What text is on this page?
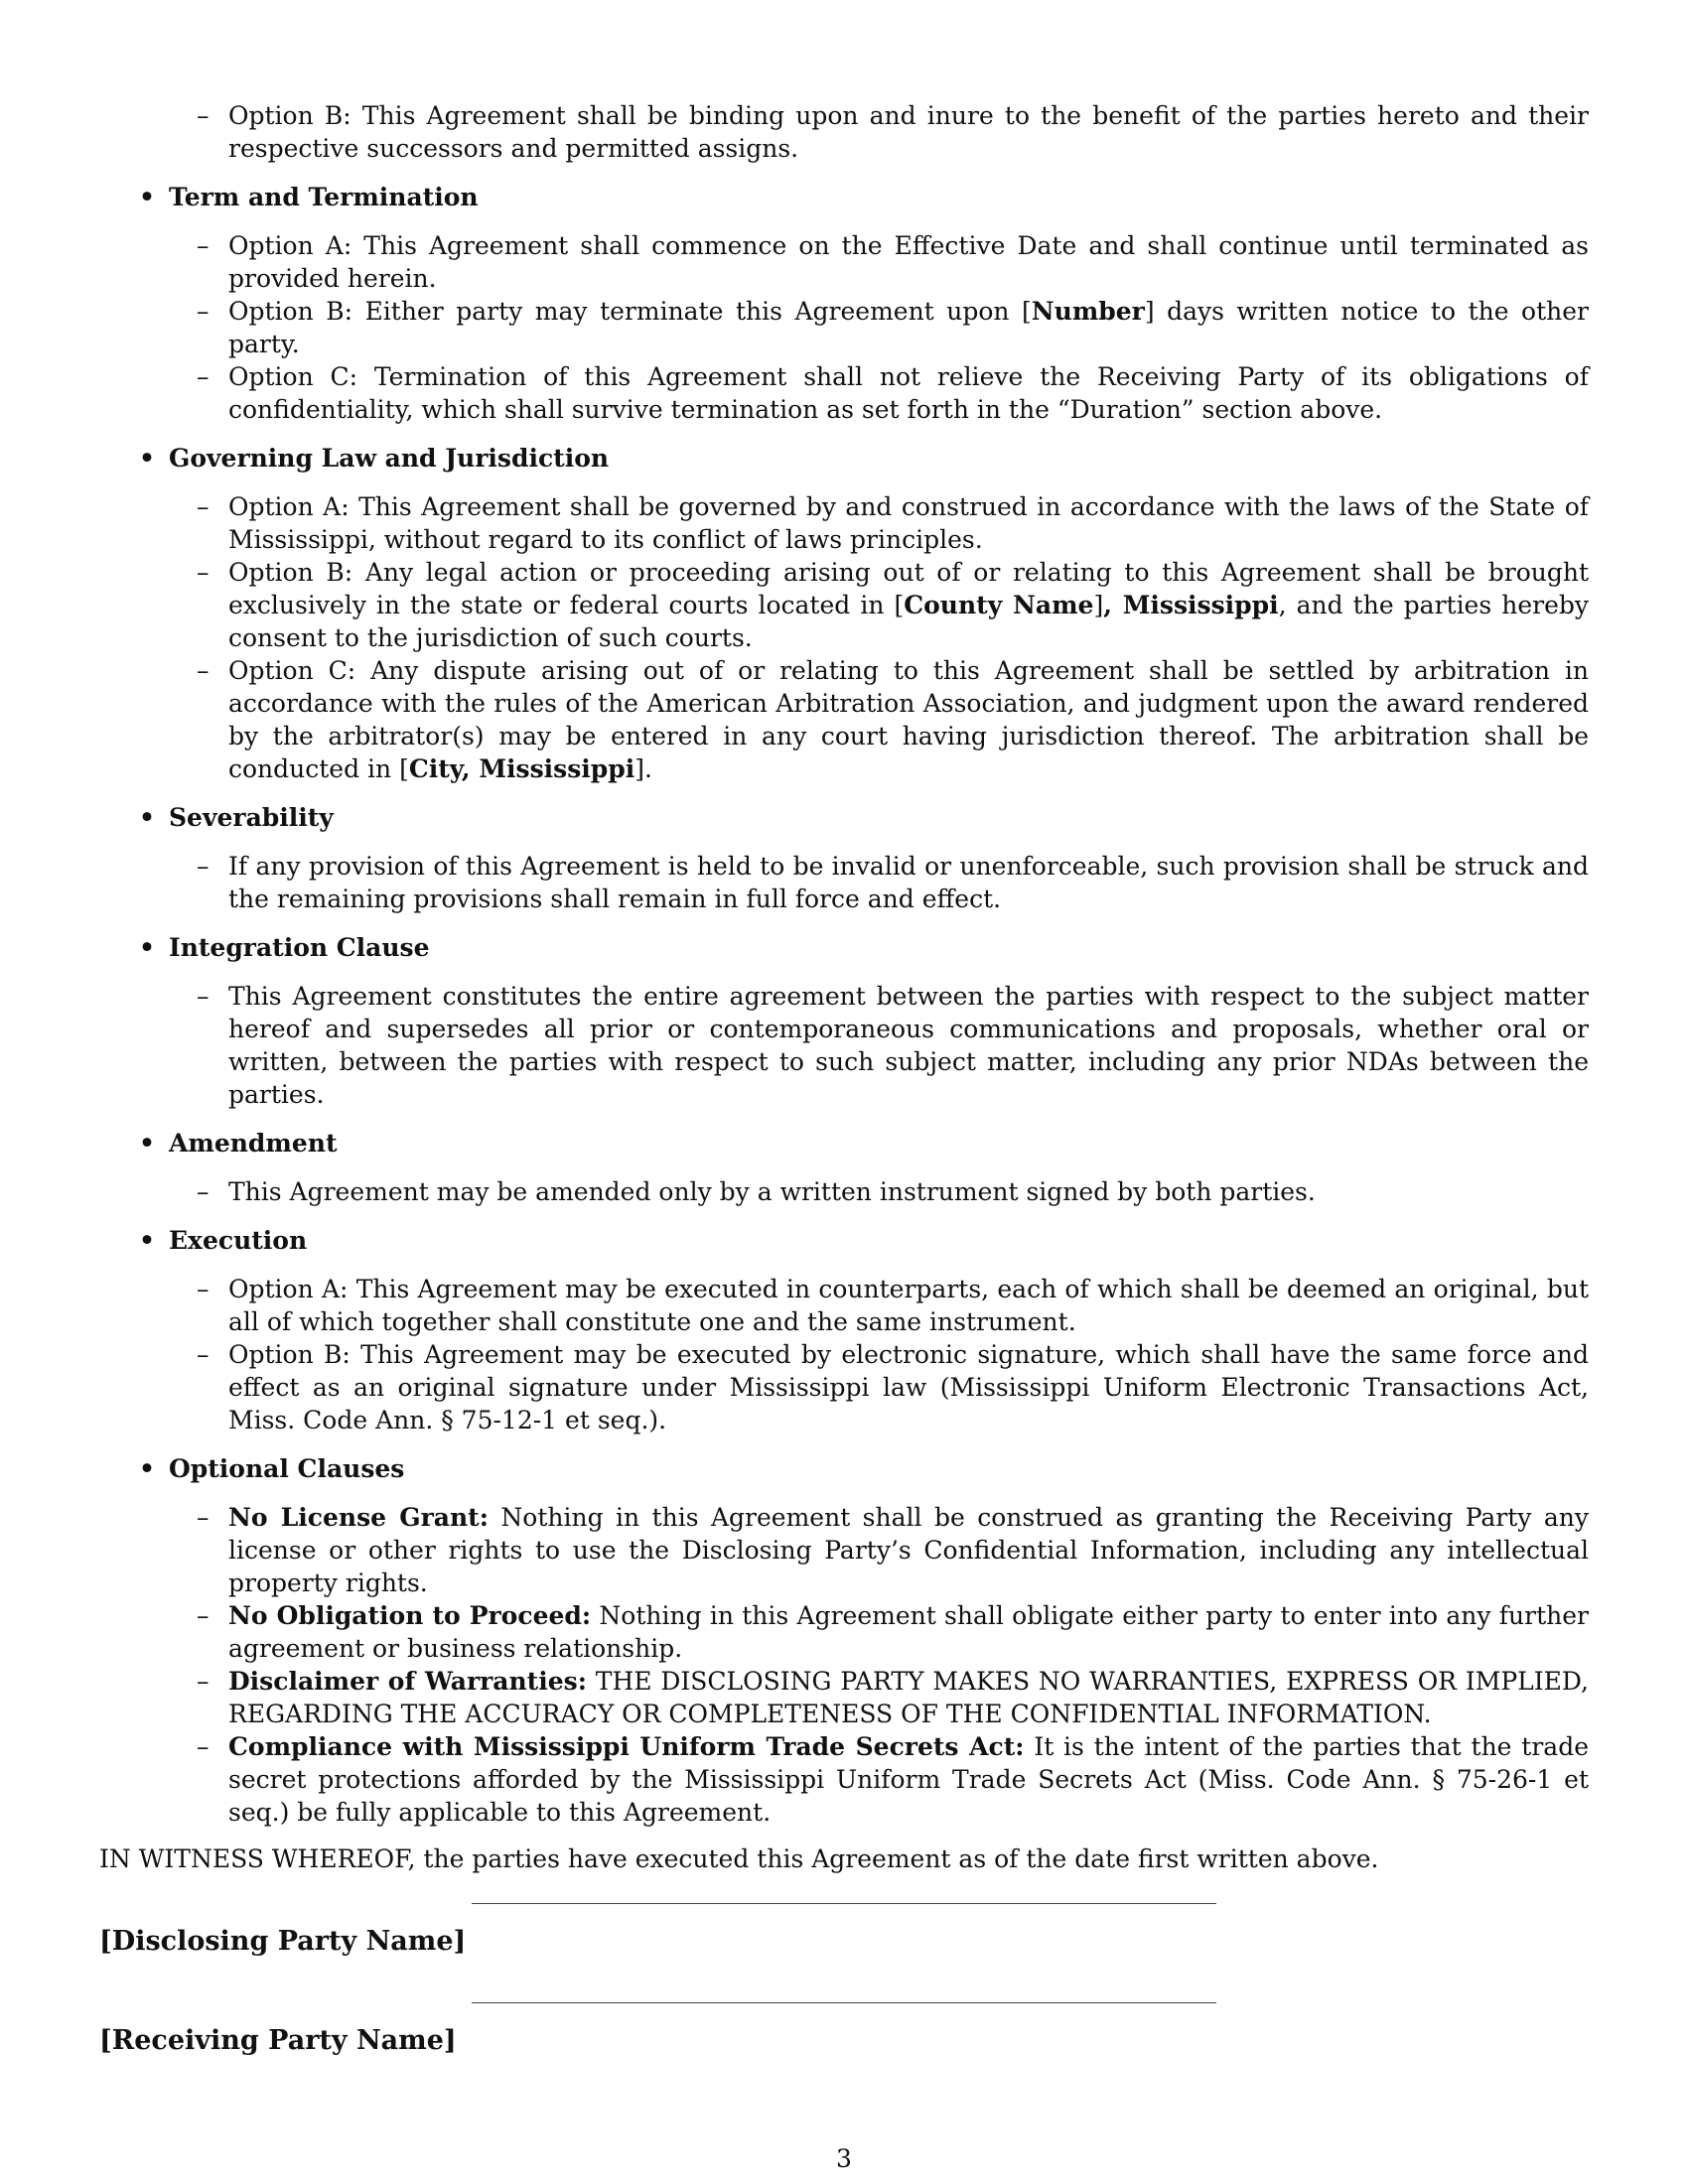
– Option B: This Agreement shall be binding upon and inure to the benefit of the parties hereto and their respective successors and permitted assigns.
• Term and Termination
– Option A: This Agreement shall commence on the Effective Date and shall continue until terminated as provided herein.
– Option B: Either party may terminate this Agreement upon [Number] days written notice to the other party.
– Option C: Termination of this Agreement shall not relieve the Receiving Party of its obligations of confidentiality, which shall survive termination as set forth in the “Duration” section above.
• Governing Law and Jurisdiction
– Option A: This Agreement shall be governed by and construed in accordance with the laws of the State of Mississippi, without regard to its conflict of laws principles.
– Option B: Any legal action or proceeding arising out of or relating to this Agreement shall be brought exclusively in the state or federal courts located in [County Name], Mississippi, and the parties hereby consent to the jurisdiction of such courts.
– Option C: Any dispute arising out of or relating to this Agreement shall be settled by arbitration in accordance with the rules of the American Arbitration Association, and judgment upon the award rendered by the arbitrator(s) may be entered in any court having jurisdiction thereof. The arbitration shall be conducted in [City, Mississippi].
• Severability
– If any provision of this Agreement is held to be invalid or unenforceable, such provision shall be struck and the remaining provisions shall remain in full force and effect.
• Integration Clause
– This Agreement constitutes the entire agreement between the parties with respect to the subject matter hereof and supersedes all prior or contemporaneous communications and proposals, whether oral or written, between the parties with respect to such subject matter, including any prior NDAs between the parties.
• Amendment
– This Agreement may be amended only by a written instrument signed by both parties.
• Execution
– Option A: This Agreement may be executed in counterparts, each of which shall be deemed an original, but all of which together shall constitute one and the same instrument.
– Option B: This Agreement may be executed by electronic signature, which shall have the same force and effect as an original signature under Mississippi law (Mississippi Uniform Electronic Transactions Act, Miss. Code Ann. § 75-12-1 et seq.).
• Optional Clauses
– No License Grant: Nothing in this Agreement shall be construed as granting the Receiving Party any license or other rights to use the Disclosing Party’s Confidential Information, including any intellectual property rights.
– No Obligation to Proceed: Nothing in this Agreement shall obligate either party to enter into any further agreement or business relationship.
– Disclaimer of Warranties: THE DISCLOSING PARTY MAKES NO WARRANTIES, EXPRESS OR IMPLIED, REGARDING THE ACCURACY OR COMPLETENESS OF THE CONFIDENTIAL INFORMATION.
– Compliance with Mississippi Uniform Trade Secrets Act: It is the intent of the parties that the trade secret protections afforded by the Mississippi Uniform Trade Secrets Act (Miss. Code Ann. § 75-26-1 et seq.) be fully applicable to this Agreement.
IN WITNESS WHEREOF, the parties have executed this Agreement as of the date first written above.
[Disclosing Party Name]
[Receiving Party Name]
3
